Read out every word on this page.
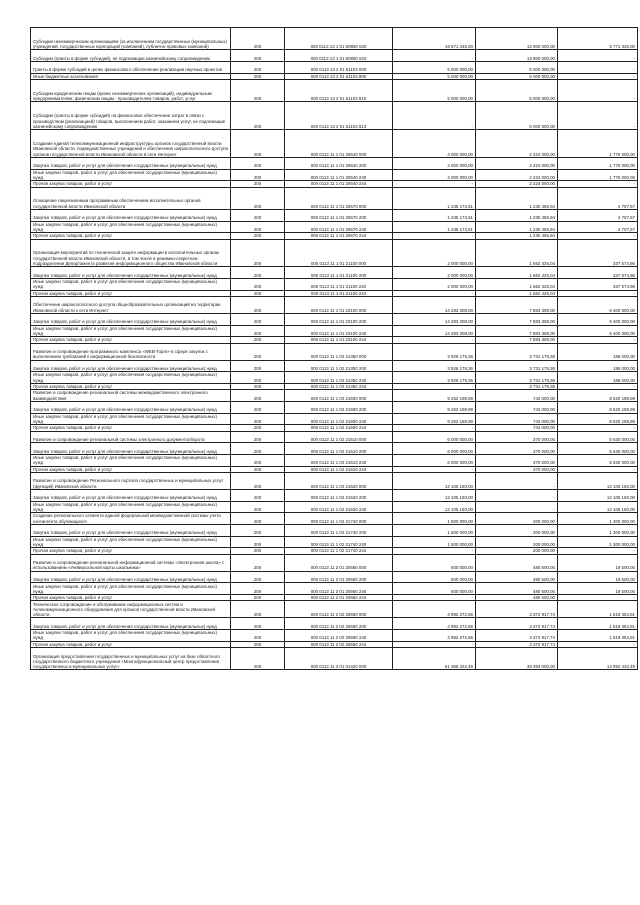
Субсидии некоммерческим организациям (за исключением государственных (муниципальных) учреждений, государственных корпораций (компаний), публично-правовых компаний)	200	000 0113 13 1 01 60850 630	19 671 345,00	13 900 000,00	5 771 345,00
Субсидии (гранты в форме субсидий), не подлежащие казначейскому сопровождению	200	000 0113 13 1 01 60850 633	-	13 900 000,00	-
Гранты в форме субсидий в целях финансового обеспечения реализации научных проектов	200	000 0113 13 2 01 61103 000	5 000 000,00	5 000 000,00	-
Иные бюджетные ассигнования	200	000 0113 13 2 01 61103 800	5 000 000,00	5 000 000,00	-
Субсидии юридическим лицам (кроме некоммерческих организаций), индивидуальным предпринимателям, физическим лицам - производителям товаров, работ, услуг	200	000 0113 13 2 01 61103 810	5 000 000,00	5 000 000,00	-
Субсидии (гранты в форме субсидий) на финансовое обеспечение затрат в связи с производством (реализацией) товаров, выполнением работ, оказанием услуг, не подлежащие казначейскому сопровождению	200	000 0113 13 2 01 61103 813	-	5 000 000,00	-
Создание единой телекоммуникационной инфраструктуры органов государственной власти Ивановской области, подведомственных учреждений и обеспечение широкополосного доступа органов государственной власти Ивановской области в сети Интернет	200	000 0113 11 1 01 20640 000	4 000 000,00	2 224 000,00	1 776 000,00
Закупка товаров, работ и услуг для обеспечения государственных (муниципальных) нужд	200	000 0113 11 1 01 20640 200	4 000 000,00	2 224 000,00	1 776 000,00
Иные закупки товаров, работ и услуг для обеспечения государственных (муниципальных) нужд	200	000 0113 11 1 01 20640 240	4 000 000,00	2 224 000,00	1 776 000,00
Прочая закупка товаров, работ и услуг	200	000 0113 11 1 01 20640 244	-	2 224 000,00	-
Оснащение лицензионным программным обеспечением исполнительных органов государственной власти Ивановской области	200	000 0113 11 1 01 20670 000	1 235 173,51	1 230 465,94	4 707,57
Закупка товаров, работ и услуг для обеспечения государственных (муниципальных) нужд	200	000 0113 11 1 01 20670 200	1 235 173,51	1 230 465,94	4 707,57
Иные закупки товаров, работ и услуг для обеспечения государственных (муниципальных) нужд	200	000 0113 11 1 01 20670 240	1 235 173,51	1 230 465,94	4 707,57
Прочая закупка товаров, работ и услуг	200	000 0113 11 1 01 20670 244	-	1 230 465,94	-
Организация мероприятий по технической защите информации в исполнительных органах государственной власти Ивановской области, в том числе в режимно-секретном подразделении Департамента развития информационного общества Ивановской области	200	000 0113 11 1 01 21100 000	2 000 000,00	1 662 425,04	337 574,96
Закупка товаров, работ и услуг для обеспечения государственных (муниципальных) нужд	200	000 0113 11 1 01 21100 200	2 000 000,00	1 662 425,04	337 574,96
Иные закупки товаров, работ и услуг для обеспечения государственных (муниципальных) нужд	200	000 0113 11 1 01 21100 240	2 000 000,00	1 662 425,04	337 574,96
Прочая закупка товаров, работ и услуг	200	000 0113 11 1 01 21100 244	-	1 662 425,04	-
Обеспечение широкополосного доступа общеобразовательных организаций на территории Ивановской области к сети Интернет	200	000 0113 11 1 01 23100 000	14 283 308,00	7 883 308,00	6 400 000,00
Закупка товаров, работ и услуг для обеспечения государственных (муниципальных) нужд	200	000 0113 11 1 01 23100 200	14 283 308,00	7 883 308,00	6 400 000,00
Иные закупки товаров, работ и услуг для обеспечения государственных (муниципальных) нужд	200	000 0113 11 1 01 23100 240	14 283 308,00	7 883 308,00	6 400 000,00
Прочая закупка товаров, работ и услуг	200	000 0113 11 1 01 23100 244	-	7 883 308,00	-
Развитие и сопровождение программного комплекса «WEB-Торги» в сфере закупок с выполнением требований к информационной безопасности	200	000 0113 11 1 02 21350 000	3 926 179,36	3 731 179,36	195 000,00
Закупка товаров, работ и услуг для обеспечения государственных (муниципальных) нужд	200	000 0113 11 1 02 21350 200	3 926 179,36	3 731 179,36	195 000,00
Иные закупки товаров, работ и услуг для обеспечения государственных (муниципальных) нужд	200	000 0113 11 1 02 21350 240	3 926 179,36	3 731 179,36	195 000,00
Прочая закупка товаров, работ и услуг	200	000 0113 11 1 02 21350 244	-	3 731 179,36	-
Развитие и сопровождение региональной системы межведомственного электронного взаимодействия	200	000 0113 11 1 02 21600 000	9 262 198,99	742 000,00	8 520 198,99
Закупка товаров, работ и услуг для обеспечения государственных (муниципальных) нужд	200	000 0113 11 1 02 21600 200	9 262 198,99	742 000,00	8 520 198,99
Иные закупки товаров, работ и услуг для обеспечения государственных (муниципальных) нужд	200	000 0113 11 1 02 21600 240	9 262 198,99	742 000,00	8 520 198,99
Прочая закупка товаров, работ и услуг	200	000 0113 11 1 02 21600 244	-	742 000,00	-
Развитие и сопровождение региональной системы электронного документооборота	200	000 0113 11 1 02 21610 000	6 000 000,00	370 000,00	5 630 000,00
Закупка товаров, работ и услуг для обеспечения государственных (муниципальных) нужд	200	000 0113 11 1 02 21610 200	6 000 000,00	370 000,00	5 630 000,00
Иные закупки товаров, работ и услуг для обеспечения государственных (муниципальных) нужд	200	000 0113 11 1 02 21610 240	6 000 000,00	370 000,00	5 630 000,00
Прочая закупка товаров, работ и услуг	200	000 0113 11 1 02 21610 244	-	370 000,00	-
Развитие и сопровождение Регионального портала государственных и муниципальных услуг (функций) Ивановской области	200	000 0113 11 1 02 21620 000	12 105 160,00	-	12 105 160,00
Закупка товаров, работ и услуг для обеспечения государственных (муниципальных) нужд	200	000 0113 11 1 02 21620 200	12 105 160,00	-	12 105 160,00
Иные закупки товаров, работ и услуг для обеспечения государственных (муниципальных) нужд	200	000 0113 11 1 02 21620 240	12 105 160,00	-	12 105 160,00
Создание регионального сегмента единой федеральной межведомственной системы учета контингента обучающихся	200	000 0113 11 1 02 21740 000	1 500 000,00	200 000,00	1 300 000,00
Закупка товаров, работ и услуг для обеспечения государственных (муниципальных) нужд	200	000 0113 11 1 02 21740 200	1 500 000,00	200 000,00	1 300 000,00
Иные закупки товаров, работ и услуг для обеспечения государственных (муниципальных) нужд	200	000 0113 11 1 02 21740 240	1 500 000,00	200 000,00	1 300 000,00
Прочая закупка товаров, работ и услуг	200	000 0113 11 1 02 21740 244	-	200 000,00	-
Развитие и сопровождение региональной информационной системы «Электронная школа» с использованием «Универсальной карты школьника»	200	000 0113 11 2 01 20660 000	500 000,00	480 500,00	19 500,00
Закупка товаров, работ и услуг для обеспечения государственных (муниципальных) нужд	200	000 0113 11 2 01 20660 200	500 000,00	480 500,00	19 500,00
Иные закупки товаров, работ и услуг для обеспечения государственных (муниципальных) нужд	200	000 0113 11 2 01 20660 240	500 000,00	480 500,00	19 500,00
Прочая закупка товаров, работ и услуг	200	000 0113 11 2 01 20660 244	-	480 500,00	-
Техническое сопровождение и обслуживание информационных систем и телекоммуникационного оборудования для органов государственной власти Ивановской области	200	000 0113 11 2 02 20690 000	4 992 272,65	3 372 917,74	1 619 354,91
Закупка товаров, работ и услуг для обеспечения государственных (муниципальных) нужд	200	000 0113 11 2 02 20690 200	4 992 272,65	3 372 917,74	1 619 354,91
Иные закупки товаров, работ и услуг для обеспечения государственных (муниципальных) нужд	200	000 0113 11 2 02 20690 240	4 992 272,65	3 372 917,74	1 619 354,91
Прочая закупка товаров, работ и услуг	200	000 0113 11 2 02 20690 244	-	3 372 917,74	-
Организация предоставления государственных и муниципальных услуг на базе областного государственного бюджетного учреждения «Многофункциональный центр предоставления государственных и муниципальных услуг»	200	000 0113 11 3 01 01420 000	51 356 432,49	38 393 000,00	12 992 432,49
